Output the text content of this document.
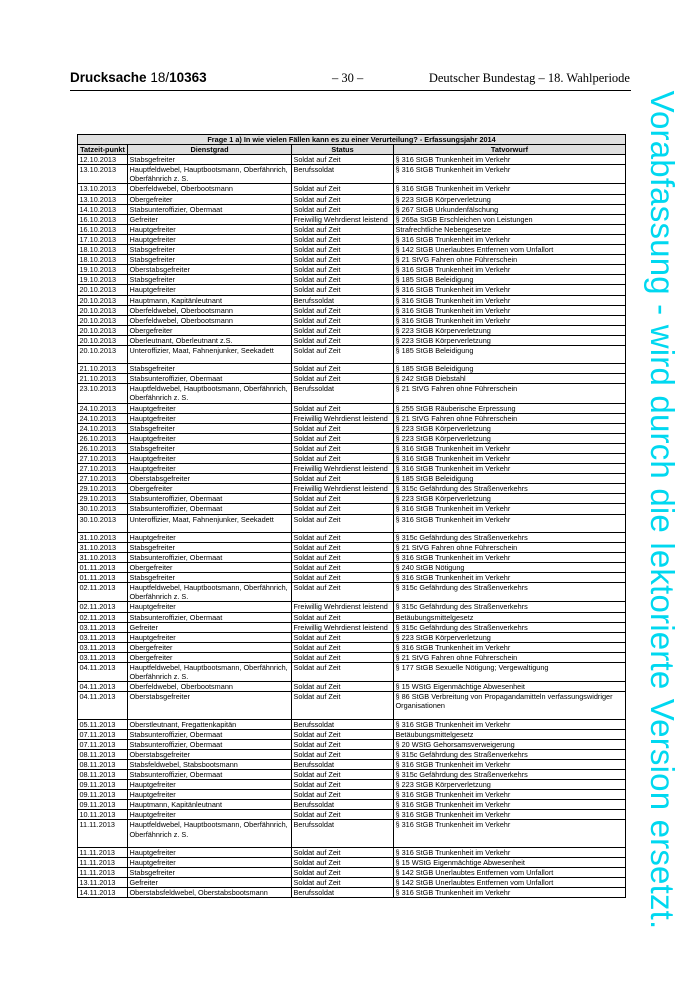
Drucksache 18/10363	– 30 –	Deutscher Bundestag – 18. Wahlperiode
Frage 1 a) In wie vielen Fällen kann es zu einer Verurteilung? - Erfassungsjahr 2014			
Tatzeit-punkt	Dienstgrad	Status	Tatvorwurf
12.10.2013	Stabsgefreiter	Soldat auf Zeit	§ 316 StGB Trunkenheit im Verkehr
13.10.2013	Hauptfeldwebel, Hauptbootsmann, Oberfähnrich, Oberfähnrich z. S.	Berufssoldat	§ 316 StGB Trunkenheit im Verkehr
13.10.2013	Oberfeldwebel, Oberbootsmann	Soldat auf Zeit	§ 316 StGB Trunkenheit im Verkehr
13.10.2013	Obergefreiter	Soldat auf Zeit	§ 223 StGB Körperverletzung
14.10.2013	Stabsunteroffizier, Obermaat	Soldat auf Zeit	§ 267 StGB Urkundenfälschung
16.10.2013	Gefreiter	Freiwillig Wehrdienst leistend	§ 265a StGB Erschleichen von Leistungen
16.10.2013	Hauptgefreiter	Soldat auf Zeit	Strafrechtliche Nebengesetze
17.10.2013	Hauptgefreiter	Soldat auf Zeit	§ 316 StGB Trunkenheit im Verkehr
18.10.2013	Stabsgefreiter	Soldat auf Zeit	§ 142 StGB Unerlaubtes Entfernen vom Unfallort
18.10.2013	Stabsgefreiter	Soldat auf Zeit	§ 21 StVG Fahren ohne Führerschein
19.10.2013	Oberstabsgefreiter	Soldat auf Zeit	§ 316 StGB Trunkenheit im Verkehr
19.10.2013	Stabsgefreiter	Soldat auf Zeit	§ 185 StGB Beleidigung
20.10.2013	Hauptgefreiter	Soldat auf Zeit	§ 316 StGB Trunkenheit im Verkehr
20.10.2013	Hauptmann, Kapitänleutnant	Berufssoldat	§ 316 StGB Trunkenheit im Verkehr
20.10.2013	Oberfeldwebel, Oberbootsmann	Soldat auf Zeit	§ 316 StGB Trunkenheit im Verkehr
20.10.2013	Oberfeldwebel, Oberbootsmann	Soldat auf Zeit	§ 316 StGB Trunkenheit im Verkehr
20.10.2013	Obergefreiter	Soldat auf Zeit	§ 223 StGB Körperverletzung
20.10.2013	Oberleutnant, Oberleutnant z.S.	Soldat auf Zeit	§ 223 StGB Körperverletzung
20.10.2013	Unteroffizier, Maat, Fahnenjunker, Seekadett	Soldat auf Zeit	§ 185 StGB Beleidigung
21.10.2013	Stabsgefreiter	Soldat auf Zeit	§ 185 StGB Beleidigung
21.10.2013	Stabsunteroffizier, Obermaat	Soldat auf Zeit	§ 242 StGB Diebstahl
23.10.2013	Hauptfeldwebel, Hauptbootsmann, Oberfähnrich, Oberfähnrich z. S.	Berufssoldat	§ 21 StVG Fahren ohne Führerschein
24.10.2013	Hauptgefreiter	Soldat auf Zeit	§ 255 StGB Räuberische Erpressung
24.10.2013	Hauptgefreiter	Freiwillig Wehrdienst leistend	§ 21 StVG Fahren ohne Führerschein
24.10.2013	Stabsgefreiter	Soldat auf Zeit	§ 223 StGB Körperverletzung
26.10.2013	Hauptgefreiter	Soldat auf Zeit	§ 223 StGB Körperverletzung
26.10.2013	Stabsgefreiter	Soldat auf Zeit	§ 316 StGB Trunkenheit im Verkehr
27.10.2013	Hauptgefreiter	Soldat auf Zeit	§ 316 StGB Trunkenheit im Verkehr
27.10.2013	Hauptgefreiter	Freiwillig Wehrdienst leistend	§ 316 StGB Trunkenheit im Verkehr
27.10.2013	Oberstabsgefreiter	Soldat auf Zeit	§ 185 StGB Beleidigung
29.10.2013	Obergefreiter	Freiwillig Wehrdienst leistend	§ 315c Gefährdung des Straßenverkehrs
29.10.2013	Stabsunteroffizier, Obermaat	Soldat auf Zeit	§ 223 StGB Körperverletzung
30.10.2013	Stabsunteroffizier, Obermaat	Soldat auf Zeit	§ 316 StGB Trunkenheit im Verkehr
30.10.2013	Unteroffizier, Maat, Fahnenjunker, Seekadett	Soldat auf Zeit	§ 316 StGB Trunkenheit im Verkehr
31.10.2013	Hauptgefreiter	Soldat auf Zeit	§ 315c Gefährdung des Straßenverkehrs
31.10.2013	Stabsgefreiter	Soldat auf Zeit	§ 21 StVG Fahren ohne Führerschein
31.10.2013	Stabsunteroffizier, Obermaat	Soldat auf Zeit	§ 316 StGB Trunkenheit im Verkehr
01.11.2013	Obergefreiter	Soldat auf Zeit	§ 240 StGB Nötigung
01.11.2013	Stabsgefreiter	Soldat auf Zeit	§ 316 StGB Trunkenheit im Verkehr
02.11.2013	Hauptfeldwebel, Hauptbootsmann, Oberfähnrich, Oberfähnrich z. S.	Soldat auf Zeit	§ 315c Gefährdung des Straßenverkehrs
02.11.2013	Hauptgefreiter	Freiwillig Wehrdienst leistend	§ 315c Gefährdung des Straßenverkehrs
02.11.2013	Stabsunteroffizier, Obermaat	Soldat auf Zeit	Betäubungsmittelgesetz
03.11.2013	Gefreiter	Freiwillig Wehrdienst leistend	§ 315c Gefährdung des Straßenverkehrs
03.11.2013	Hauptgefreiter	Soldat auf Zeit	§ 223 StGB Körperverletzung
03.11.2013	Obergefreiter	Soldat auf Zeit	§ 316 StGB Trunkenheit im Verkehr
03.11.2013	Obergefreiter	Soldat auf Zeit	§ 21 StVG Fahren ohne Führerschein
04.11.2013	Hauptfeldwebel, Hauptbootsmann, Oberfähnrich, Oberfähnrich z. S.	Soldat auf Zeit	§ 177 StGB Sexuelle Nötigung; Vergewaltigung
04.11.2013	Oberfeldwebel, Oberbootsmann	Soldat auf Zeit	§ 15 WStG Eigenmächtige Abwesenheit
04.11.2013	Oberstabsgefreiter	Soldat auf Zeit	§ 86 StGB Verbreitung von Propagandamitteln verfassungswidriger Organisationen
05.11.2013	Oberstleutnant, Fregattenkapitän	Berufssoldat	§ 316 StGB Trunkenheit im Verkehr
07.11.2013	Stabsunteroffizier, Obermaat	Soldat auf Zeit	Betäubungsmittelgesetz
07.11.2013	Stabsunteroffizier, Obermaat	Soldat auf Zeit	§ 20 WStG Gehorsamsverweigerung
08.11.2013	Oberstabsgefreiter	Soldat auf Zeit	§ 315c Gefährdung des Straßenverkehrs
08.11.2013	Stabsfeldwebel, Stabsbootsmann	Berufssoldat	§ 316 StGB Trunkenheit im Verkehr
08.11.2013	Stabsunteroffizier, Obermaat	Soldat auf Zeit	§ 315c Gefährdung des Straßenverkehrs
09.11.2013	Hauptgefreiter	Soldat auf Zeit	§ 223 StGB Körperverletzung
09.11.2013	Hauptgefreiter	Soldat auf Zeit	§ 316 StGB Trunkenheit im Verkehr
09.11.2013	Hauptmann, Kapitänleutnant	Berufssoldat	§ 316 StGB Trunkenheit im Verkehr
10.11.2013	Hauptgefreiter	Soldat auf Zeit	§ 316 StGB Trunkenheit im Verkehr
11.11.2013	Hauptfeldwebel, Hauptbootsmann, Oberfähnrich, Oberfähnrich z. S.	Berufssoldat	§ 316 StGB Trunkenheit im Verkehr
11.11.2013	Hauptgefreiter	Soldat auf Zeit	§ 316 StGB Trunkenheit im Verkehr
11.11.2013	Hauptgefreiter	Soldat auf Zeit	§ 15 WStG Eigenmächtige Abwesenheit
11.11.2013	Stabsgefreiter	Soldat auf Zeit	§ 142 StGB Unerlaubtes Entfernen vom Unfallort
13.11.2013	Gefreiter	Soldat auf Zeit	§ 142 StGB Unerlaubtes Entfernen vom Unfallort
14.11.2013	Oberstabsfeldwebel, Oberstabsbootsmann	Berufssoldat	§ 316 StGB Trunkenheit im Verkehr	Vorabfassung - wird durch die lektorierte Version ersetzt.
